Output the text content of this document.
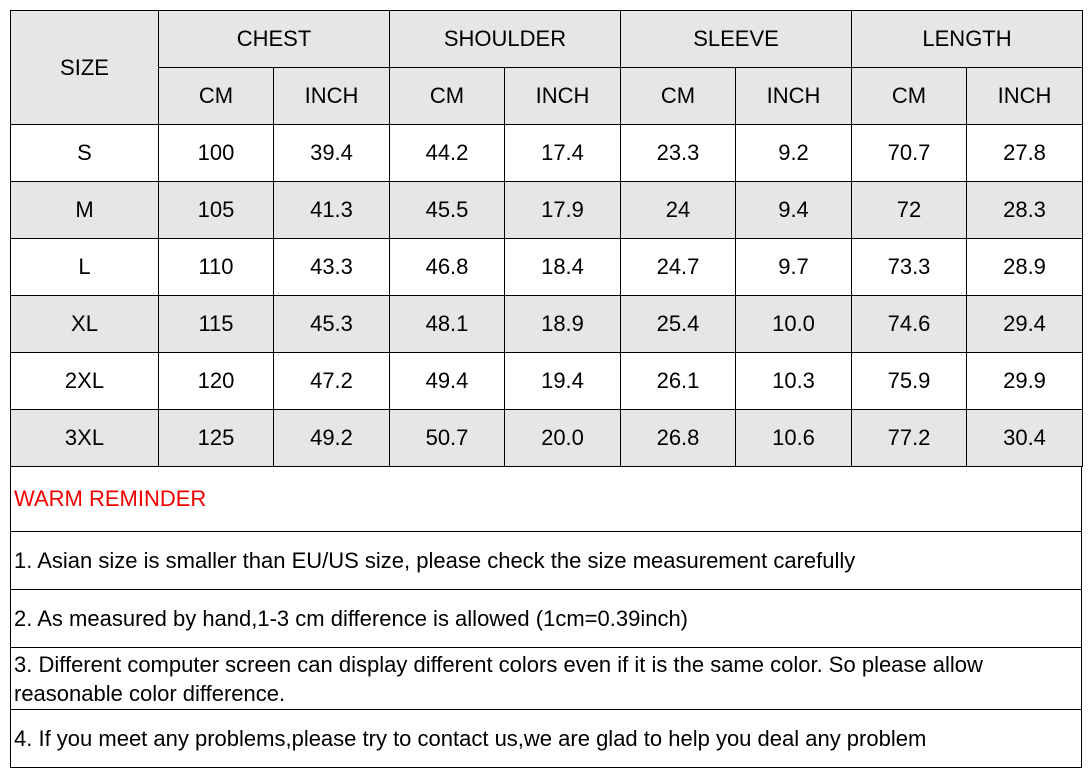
SIZE	CHEST		SHOULDER		SLEEVE		LENGTH	
	CM	INCH	CM	INCH	CM	INCH	CM	INCH
S	100	39.4	44.2	17.4	23.3	9.2	70.7	27.8
M	105	41.3	45.5	17.9	24	9.4	72	28.3
L	110	43.3	46.8	18.4	24.7	9.7	73.3	28.9
XL	115	45.3	48.1	18.9	25.4	10.0	74.6	29.4
2XL	120	47.2	49.4	19.4	26.1	10.3	75.9	29.9
3XL	125	49.2	50.7	20.0	26.8	10.6	77.2	30.4
WARM REMINDER
1. Asian size is smaller than EU/US size, please check the size measurement carefully
2. As measured by hand,1-3 cm difference is allowed (1cm=0.39inch)
3. Different computer screen can display different colors even if it is the same color. So please allow reasonable color difference.
4. If you meet any problems,please try to contact us,we are glad to help you deal any problem
